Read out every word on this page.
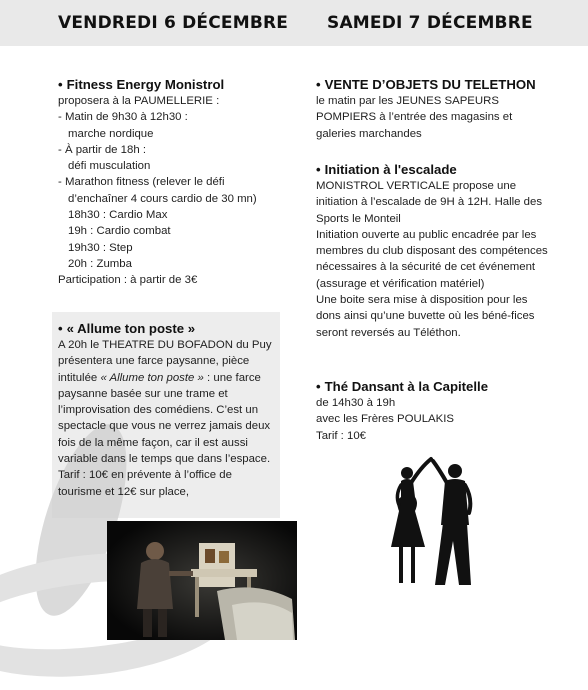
VENDREDI 6 DÉCEMBRE SAMEDI 7 DÉCEMBRE
• Fitness Energy Monistrol

proposera à la PAUMELLERIE :

- Matin de 9h30 à 12h30 :
marche nordique
- À partir de 18h :
défi musculation
- Marathon fitness (relever le défi
d’enchaîner 4 cours cardio de 30 mn)
18h30 : Cardio Max
19h : Cardio combat
19h30 : Step
20h : Zumba

Participation : à partir de 3€

• « Allume ton poste »

A 20h le THEATRE DU BOFADON du Puy présentera une farce paysanne, pièce intitulée « Allume ton poste » : une farce paysanne basée sur une trame et l’improvisation des comédiens. C’est un spectacle que vous ne verrez jamais deux fois de la même façon, car il est aussi variable dans le temps que dans l’espace.

Tarif : 10€ en prévente à l’office de tourisme et 12€ sur place,

• VENTE D’OBJETS DU TELETHON

le matin par les JEUNES SAPEURS POMPIERS à l’entrée des magasins et galeries marchandes

• Initiation à l'escalade

MONISTROL VERTICALE propose une initiation à l’escalade de 9H à 12H. Halle des Sports le Monteil

Initiation ouverte au public encadrée par les membres du club disposant des compétences nécessaires à la sécurité de cet événement (assurage et vérification matériel)

Une boite sera mise à disposition pour les dons ainsi qu’une buvette où les béné-fices seront reversés au Téléthon.

• Thé Dansant à la Capitelle

de 14h30 à 19h

avec les Frères POULAKIS

Tarif : 10€
